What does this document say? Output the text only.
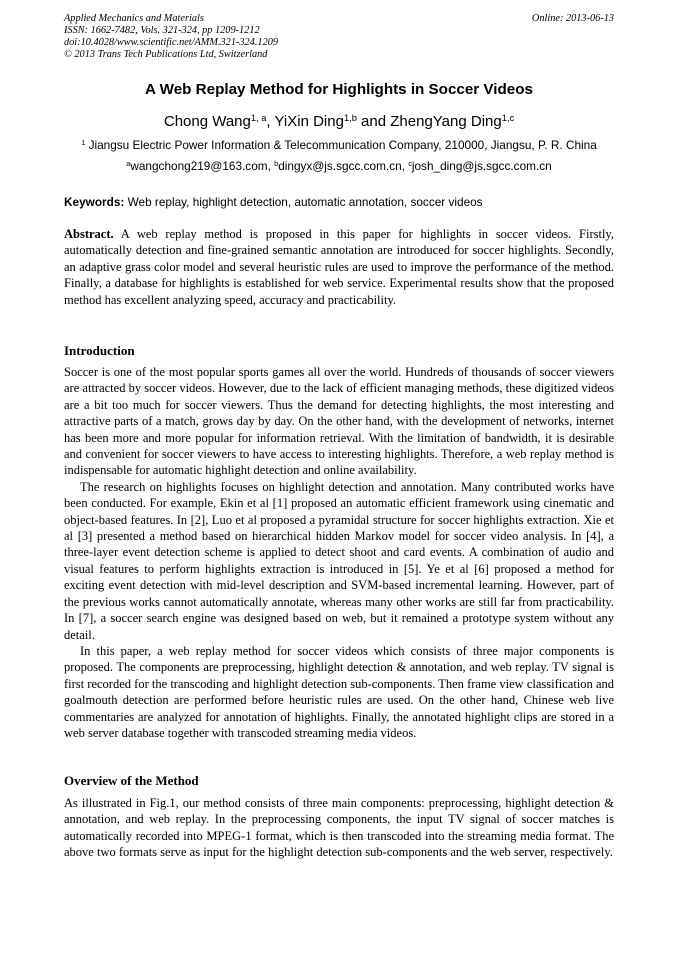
Applied Mechanics and Materials
ISSN: 1662-7482, Vols. 321-324, pp 1209-1212
doi:10.4028/www.scientific.net/AMM.321-324.1209
© 2013 Trans Tech Publications Ltd, Switzerland
Online: 2013-06-13
A Web Replay Method for Highlights in Soccer Videos
Chong Wang$^{1, a}$, YiXin Ding$^{1,b}$ and ZhengYang Ding$^{1,c}$
$^1$ Jiangsu Electric Power Information & Telecommunication Company, 210000, Jiangsu, P. R. China
$^a$wangchong219@163.com, $^b$dingyx@js.sgcc.com.cn, $^c$josh_ding@js.sgcc.com.cn
Keywords: Web replay, highlight detection, automatic annotation, soccer videos
Abstract. A web replay method is proposed in this paper for highlights in soccer videos. Firstly, automatically detection and fine-grained semantic annotation are introduced for soccer highlights. Secondly, an adaptive grass color model and several heuristic rules are used to improve the performance of the method. Finally, a database for highlights is established for web service. Experimental results show that the proposed method has excellent analyzing speed, accuracy and practicability.
Introduction

Soccer is one of the most popular sports games all over the world. Hundreds of thousands of soccer viewers are attracted by soccer videos. However, due to the lack of efficient managing methods, these digitized videos are a bit too much for soccer viewers. Thus the demand for detecting highlights, the most interesting and attractive parts of a match, grows day by day. On the other hand, with the development of networks, internet has been more and more popular for information retrieval. With the limitation of bandwidth, it is desirable and convenient for soccer viewers to have access to interesting highlights. Therefore, a web replay method is indispensable for automatic highlight detection and online availability.

The research on highlights focuses on highlight detection and annotation. Many contributed works have been conducted. For example, Ekin et al [1] proposed an automatic efficient framework using cinematic and object-based features. In [2], Luo et al proposed a pyramidal structure for soccer highlights extraction. Xie et al [3] presented a method based on hierarchical hidden Markov model for soccer video analysis. In [4], a three-layer event detection scheme is applied to detect shoot and card events. A combination of audio and visual features to perform highlights extraction is introduced in [5]. Ye et al [6] proposed a method for exciting event detection with mid-level description and SVM-based incremental learning. However, part of the previous works cannot automatically annotate, whereas many other works are still far from practicability. In [7], a soccer search engine was designed based on web, but it remained a prototype system without any detail.

In this paper, a web replay method for soccer videos which consists of three major components is proposed. The components are preprocessing, highlight detection & annotation, and web replay. TV signal is first recorded for the transcoding and highlight detection sub-components. Then frame view classification and goalmouth detection are performed before heuristic rules are used. On the other hand, Chinese web live commentaries are analyzed for annotation of highlights. Finally, the annotated highlight clips are stored in a web server database together with transcoded streaming media videos.

Overview of the Method

As illustrated in Fig.1, our method consists of three main components: preprocessing, highlight detection & annotation, and web replay. In the preprocessing components, the input TV signal of soccer matches is automatically recorded into MPEG-1 format, which is then transcoded into the streaming media format. The above two formats serve as input for the highlight detection sub-components and the web server, respectively.
